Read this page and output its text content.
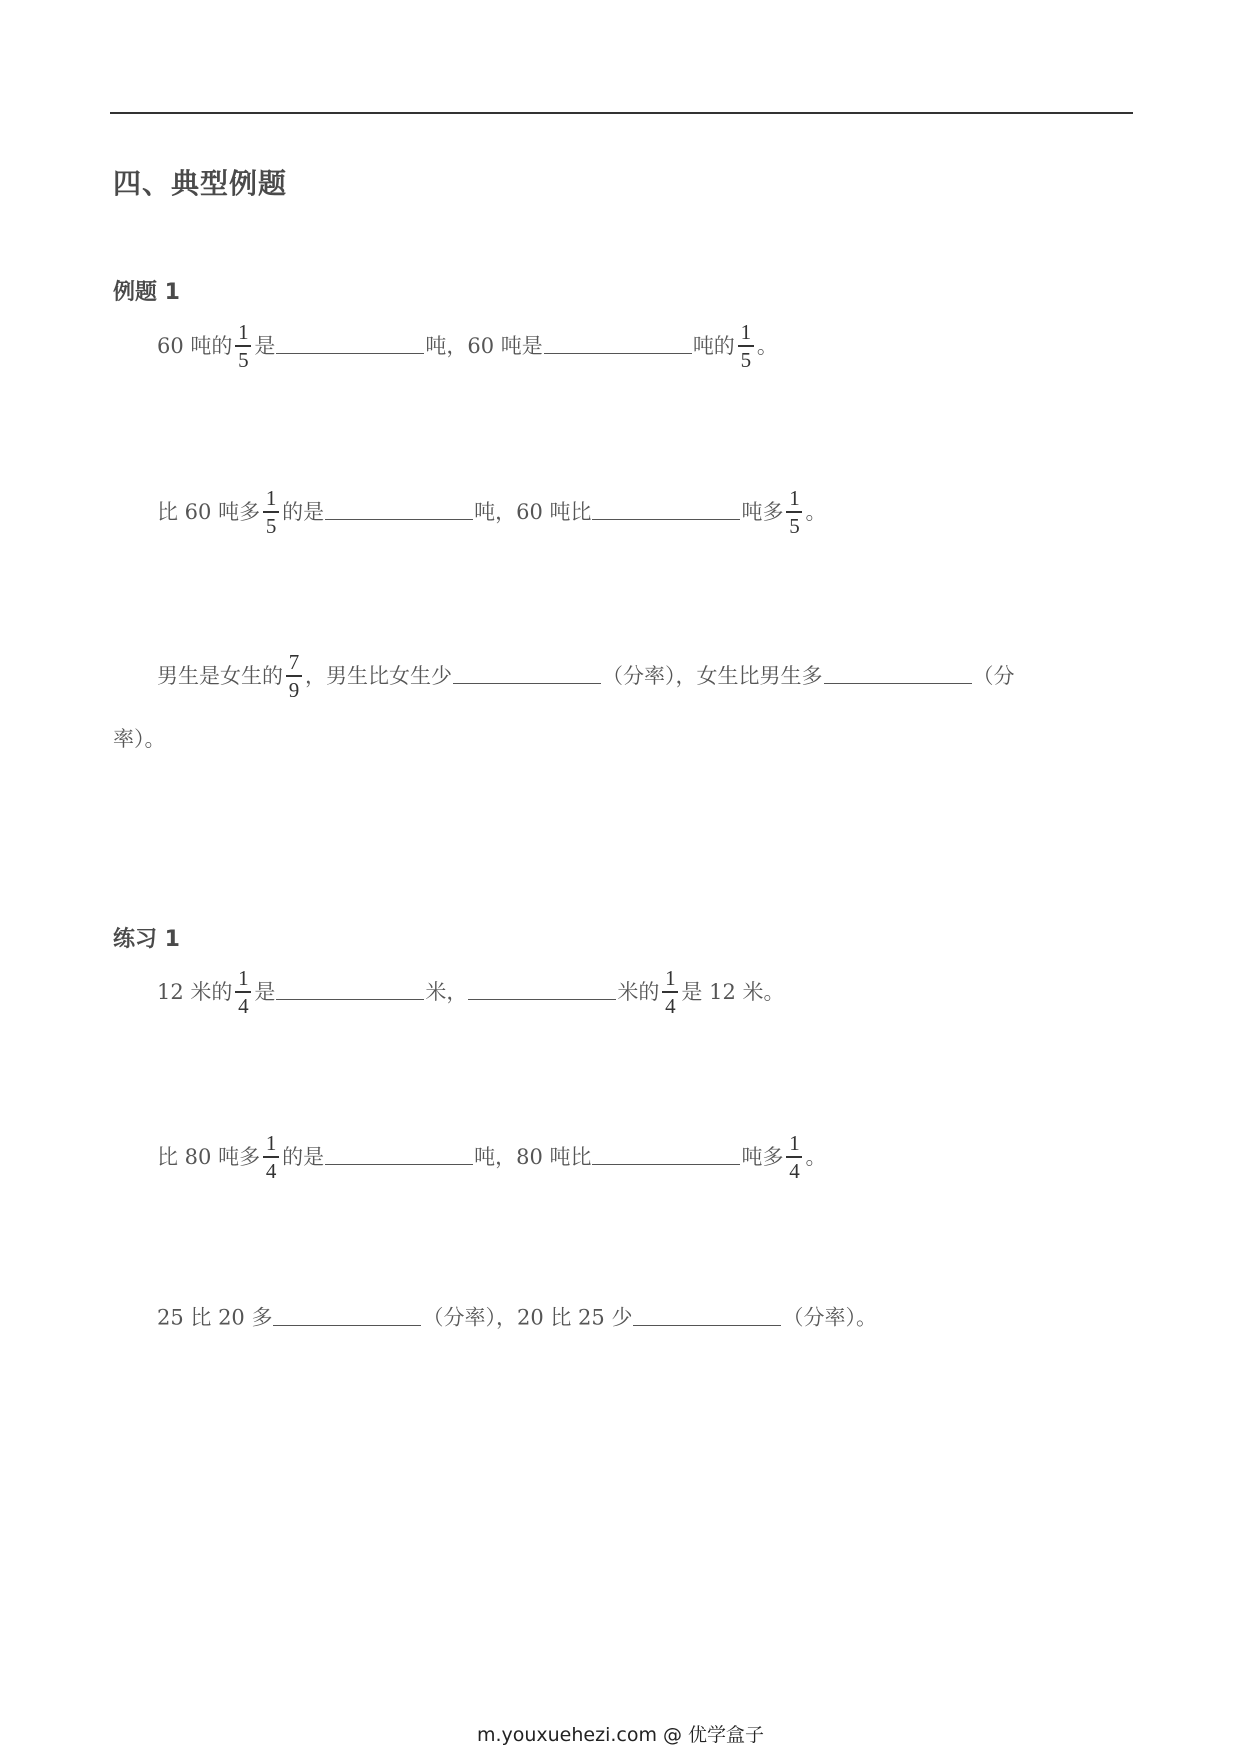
四、典型例题
例题 1
60 吨的 $\frac{1}{5}$ 是	吨，60 吨是	吨的 $\frac{1}{5}$ 。
比 60 吨多 $\frac{1}{5}$ 的是	吨，60 吨比	吨多 $\frac{1}{5}$ 。
男生是女生的 $\frac{7}{9}$ ，男生比女生少	（分率），女生比男生多	（分
率）。
练习 1
12 米的 $\frac{1}{4}$ 是	米，	米的 $\frac{1}{4}$ 是 12 米。
比 80 吨多 $\frac{1}{4}$ 的是	吨，80 吨比	吨多 $\frac{1}{4}$ 。
25 比 20 多	（分率），20 比 25 少	（分率）。
m.youxuehezi.com @ 优学盒子
